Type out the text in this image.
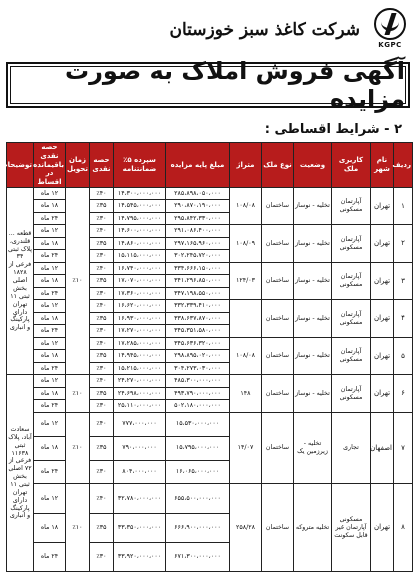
KGPC
شرکت کاغذ سبز خوزستان
آگهی فروش املاک به صورت مزایده
۲ - شرایط اقساطی :
ردیف	نام شهر	کاربری ملک	وضعیت	نوع ملک	متراژ	مبلغ پایه مزایده	سپرده ۵٪ ضمانتنامه	حصه نقدی	زمان تحویل	حصه نقدی باقیمانده در اقساط	توضیحات	
۱	تهران	آپارتمان مسکونی	تخلیه - نوساز	ساختمان	۱۰۸/۰۸	۲۸۵،۸۹۸،۰۵۰،۰۰۰	۱۴،۳۰۰،۰۰۰،۰۰۰	٪۴۰	٪۱۰	۱۲ ماه	قطعه ... قلندری، پلاک ثبتی ۳۴ فرعی از ۱۸۲۸ اصلی بخش ثبتی ۱۱ تهران دارای پارکینگ و انباری	
						۲۹۰،۸۷۰،۱۹۰،۰۰۰	۱۴،۵۴۵،۰۰۰،۰۰۰	٪۳۵		۱۸ ماه		
						۲۹۵،۸۴۲،۳۳۰،۰۰۰	۱۴،۷۹۵،۰۰۰،۰۰۰	٪۳۰		۲۴ ماه		
۲	تهران	آپارتمان مسکونی	تخلیه - نوساز	ساختمان	۱۰۸/۰۹	۲۹۱،۰۸۶،۴۰۰،۰۰۰	۱۴،۶۰۰،۰۰۰،۰۰۰	٪۴۰		۱۲ ماه		
						۲۹۷،۱۶۵،۹۶۰،۰۰۰	۱۴،۸۶۰،۰۰۰،۰۰۰	٪۳۵		۱۸ ماه		
						۳۰۲،۲۴۵،۷۲۰،۰۰۰	۱۵،۱۱۵،۰۰۰،۰۰۰	٪۳۰		۲۴ ماه		
۳	تهران	آپارتمان مسکونی	تخلیه - نوساز	ساختمان	۱۲۴/۰۳	۳۳۴،۶۶۶،۱۵۰،۰۰۰	۱۶،۷۴۰،۰۰۰،۰۰۰	٪۴۰		۱۲ ماه		
						۳۴۱،۲۹۶،۸۵۰،۰۰۰	۱۷،۰۷۰،۰۰۰،۰۰۰	٪۳۵		۱۸ ماه		
						۳۴۷،۱۹۸،۵۵۰،۰۰۰	۱۷،۳۶۰،۰۰۰،۰۰۰	٪۳۰		۲۴ ماه		
۴	تهران	آپارتمان مسکونی	تخلیه - نوساز	ساختمان		۳۳۲،۳۳۹،۴۱۰،۰۰۰	۱۶،۶۲۰،۰۰۰،۰۰۰	٪۴۰		۱۲ ماه		
						۳۳۸،۶۳۷،۸۷۰،۰۰۰	۱۶،۹۳۰،۰۰۰،۰۰۰	٪۳۵		۱۸ ماه		
						۳۴۵،۳۵۱،۵۸۰،۰۰۰	۱۷،۲۷۰،۰۰۰،۰۰۰	٪۳۰		۲۴ ماه		
۵	تهران	آپارتمان مسکونی	تخلیه - نوساز	ساختمان	۱۰۸/۰۸	۳۴۵،۶۳۶،۳۲۰،۰۰۰	۱۷،۲۸۵،۰۰۰،۰۰۰	٪۴۰		۱۲ ماه		
						۲۹۸،۸۹۵،۰۲۰،۰۰۰	۱۴،۹۴۵،۰۰۰،۰۰۰	٪۳۵		۱۸ ماه		
						۳۰۴،۲۷۳،۰۳۰،۰۰۰	۱۵،۲۱۵،۰۰۰،۰۰۰	٪۳۰		۲۴ ماه		
۶	تهران	آپارتمان مسکونی	تخلیه - نوساز	ساختمان	۱۴۸	۴۸۵،۳۰۰،۰۰۰،۰۰۰	۲۴،۲۷۰،۰۰۰،۰۰۰	٪۴۰	٪۱۰	۱۲ ماه	سعادت آباد، پلاک ثبتی ۱۱۶۳۸ فرعی از ۷۲ اصلی بخش ثبتی ۱۱ تهران دارای پارکینگ و انباری	
						۴۹۳،۷۹۰،۰۰۰،۰۰۰	۲۴،۶۹۸،۰۰۰،۰۰۰	٪۳۵		۱۸ ماه		
						۵۰۲،۱۸۰،۰۰۰،۰۰۰	۲۵،۱۱۰،۰۰۰،۰۰۰	٪۳۰		۲۴ ماه		
۷	اصفهان	تجاری	تخلیه - زیرزمین یک	ساختمان	۱۴/۰۷	۱۵،۵۳۰،۰۰۰،۰۰۰	۷۷۷،۰۰۰،۰۰۰	٪۴۰	٪۱۰	۱۲ ماه	
						۱۵،۷۹۵،۰۰۰،۰۰۰	۷۹۰،۰۰۰،۰۰۰	٪۳۵		۱۸ ماه		
						۱۶،۰۶۵،۰۰۰،۰۰۰	۸۰۴،۰۰۰،۰۰۰	٪۳۰		۲۴ ماه		
۸	تهران	مسکونی آپارتمان غیر قابل سکونت	تخلیه متروکه	ساختمان	۲۵۸/۲۸	۶۵۵،۵۰۰،۰۰۰،۰۰۰	۳۲،۷۸۰،۰۰۰،۰۰۰	٪۴۰	٪۱۰	۱۲ ماه	
						۶۶۶،۹۰۰،۰۰۰،۰۰۰	۳۳،۳۵۰،۰۰۰،۰۰۰	٪۳۵		۱۸ ماه		
						۶۷۱،۳۰۰،۰۰۰،۰۰۰	۳۳،۹۲۰،۰۰۰،۰۰۰	٪۳۰		۲۴ ماه		
